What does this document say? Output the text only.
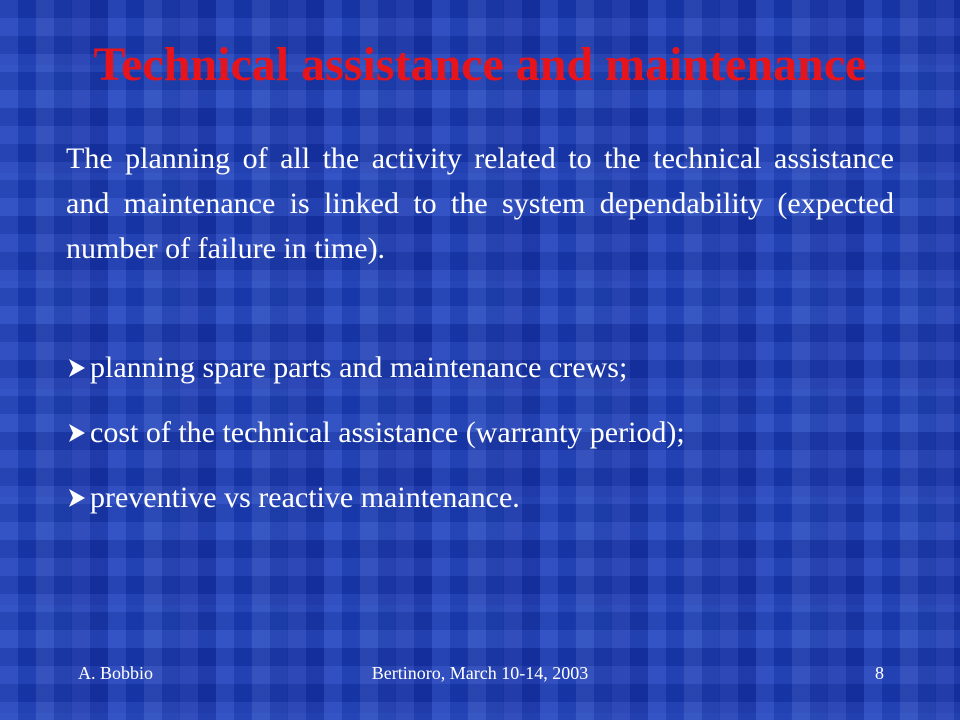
Technical assistance and maintenance

The planning of all the activity related to the technical assistance and maintenance is linked to the system dependability (expected number of failure in time).

planning spare parts and maintenance crews;
cost of the technical assistance (warranty period);
preventive vs reactive maintenance.
A. Bobbio	Bertinoro, March 10-14, 2003	8
